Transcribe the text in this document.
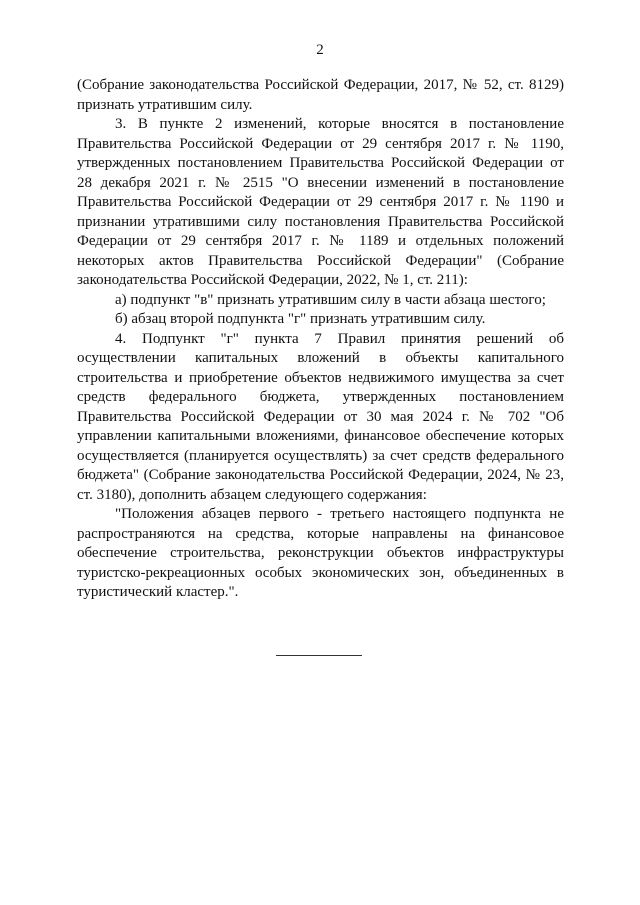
2

(Собрание законодательства Российской Федерации, 2017, № 52, ст. 8129) признать утратившим силу.

3. В пункте 2 изменений, которые вносятся в постановление Правительства Российской Федерации от 29 сентября 2017 г. № 1190, утвержденных постановлением Правительства Российской Федерации от 28 декабря 2021 г. № 2515 "О внесении изменений в постановление Правительства Российской Федерации от 29 сентября 2017 г. № 1190 и признании утратившими силу постановления Правительства Российской Федерации от 29 сентября 2017 г. № 1189 и отдельных положений некоторых актов Правительства Российской Федерации" (Собрание законодательства Российской Федерации, 2022, № 1, ст. 211):

а) подпункт "в" признать утратившим силу в части абзаца шестого;

б) абзац второй подпункта "г" признать утратившим силу.

4. Подпункт "г" пункта 7 Правил принятия решений об осуществлении капитальных вложений в объекты капитального строительства и приобретение объектов недвижимого имущества за счет средств федерального бюджета, утвержденных постановлением Правительства Российской Федерации от 30 мая 2024 г. № 702 "Об управлении капитальными вложениями, финансовое обеспечение которых осуществляется (планируется осуществлять) за счет средств федерального бюджета" (Собрание законодательства Российской Федерации, 2024, № 23, ст. 3180), дополнить абзацем следующего содержания:

"Положения абзацев первого - третьего настоящего подпункта не распространяются на средства, которые направлены на финансовое обеспечение строительства, реконструкции объектов инфраструктуры туристско-рекреационных особых экономических зон, объединенных в туристический кластер.".
